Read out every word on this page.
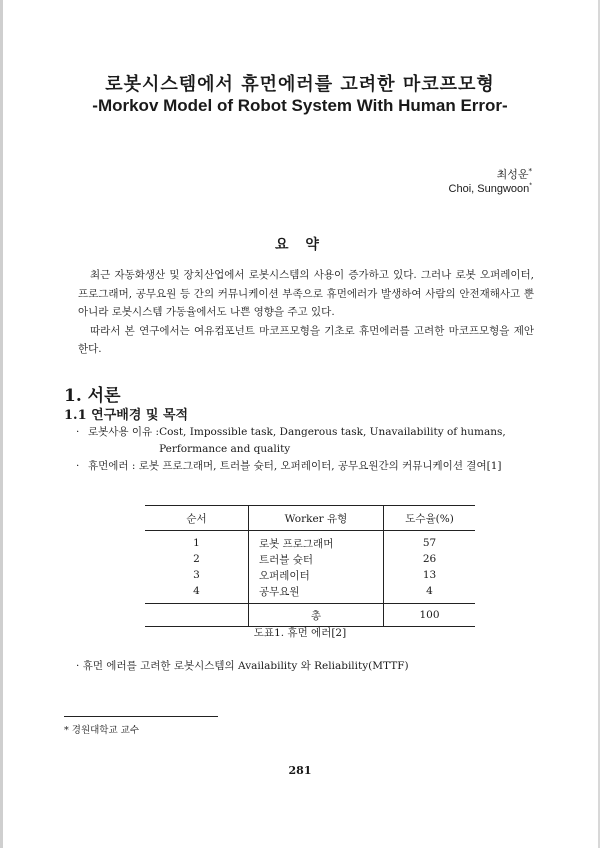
로봇시스템에서 휴먼에러를 고려한 마코프모형
-Morkov Model of Robot System With Human Error-
최성운*
Choi, Sungwoon*
요 약

최근 자동화생산 및 장치산업에서 로봇시스템의 사용이 증가하고 있다. 그러나 로봇 오퍼레이터, 프로그래머, 공무요원 등 간의 커뮤니케이션 부족으로 휴먼에러가 발생하여 사람의 안전재해사고 뿐 아니라 로봇시스템 가동율에서도 나쁜 영향을 주고 있다.

따라서 본 연구에서는 여유컴포넌트 마코프모형을 기초로 휴먼에러를 고려한 마코프모형을 제안한다.

1. 서론
1.1 연구배경 및 목적
· 로봇사용 이유 : Cost, Impossible task, Dangerous task, Unavailability of humans, Performance and quality
· 휴먼에러 : 로봇 프로그래머, 트러블 슛터, 오퍼레이터, 공무요원간의 커뮤니케이션 결여[1]
순서	Worker 유형	도수율(%)
1	로봇 프로그래머	57
2	트러블 슛터	26
3	오퍼레이터	13
4	공무요원	4
	총	100
도표1. 휴먼 에러[2]
· 휴먼 에러를 고려한 로봇시스템의 Availability 와 Reliability(MTTF)
* 경원대학교 교수
281
